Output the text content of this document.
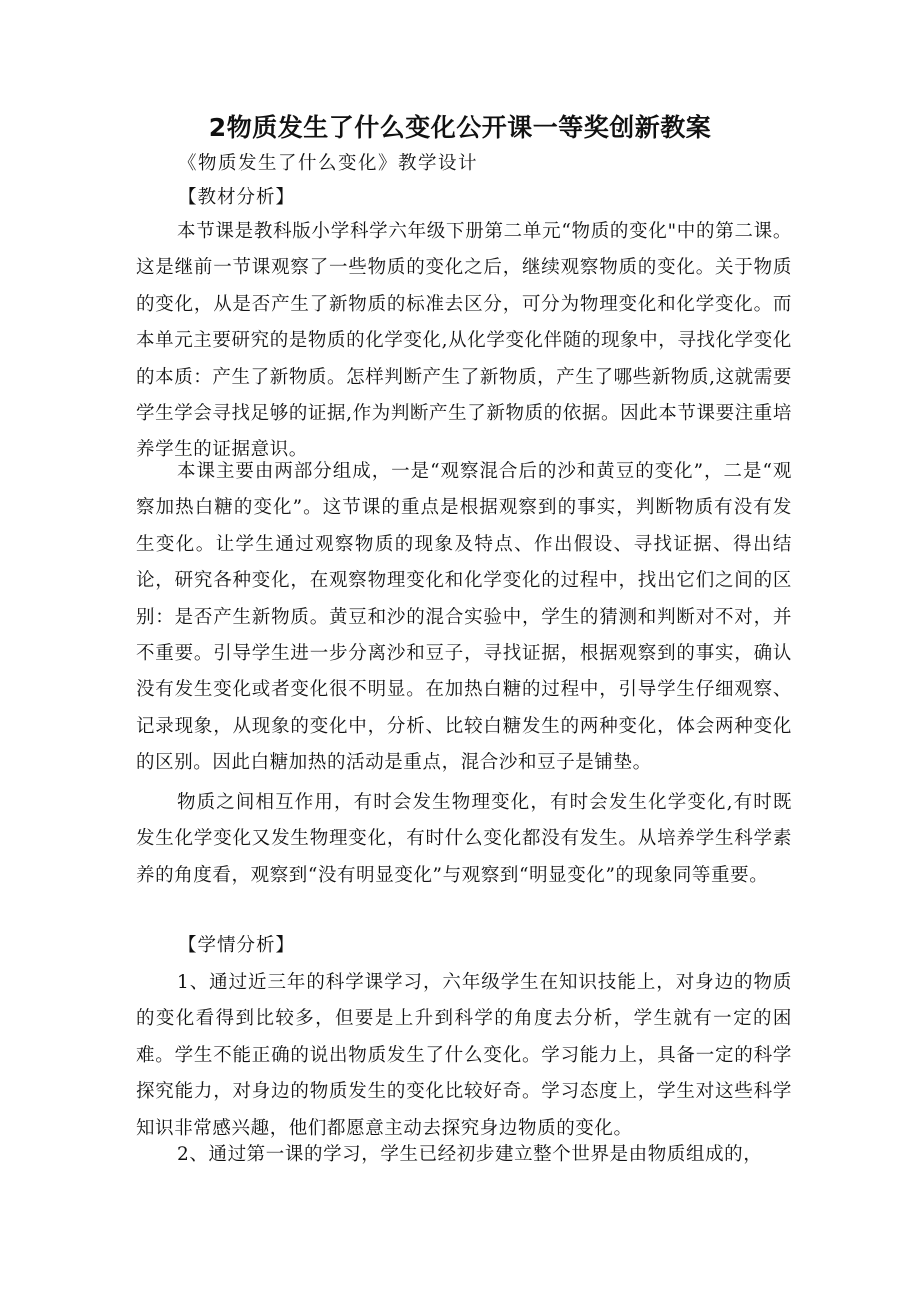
2物质发生了什么变化公开课一等奖创新教案
《物质发生了什么变化》教学设计
【教材分析】

本节课是教科版小学科学六年级下册第二单元“物质的变化"中的第二课。这是继前一节课观察了一些物质的变化之后，继续观察物质的变化。关于物质的变化，从是否产生了新物质的标准去区分，可分为物理变化和化学变化。而本单元主要研究的是物质的化学变化,从化学变化伴随的现象中，寻找化学变化的本质：产生了新物质。怎样判断产生了新物质，产生了哪些新物质,这就需要学生学会寻找足够的证据,作为判断产生了新物质的依据。因此本节课要注重培养学生的证据意识。

本课主要由两部分组成，一是“观察混合后的沙和黄豆的变化”，二是“观察加热白糖的变化”。这节课的重点是根据观察到的事实，判断物质有没有发生变化。让学生通过观察物质的现象及特点、作出假设、寻找证据、得出结论，研究各种变化，在观察物理变化和化学变化的过程中，找出它们之间的区别：是否产生新物质。黄豆和沙的混合实验中，学生的猜测和判断对不对，并不重要。引导学生进一步分离沙和豆子，寻找证据，根据观察到的事实，确认没有发生变化或者变化很不明显。在加热白糖的过程中，引导学生仔细观察、记录现象，从现象的变化中，分析、比较白糖发生的两种变化，体会两种变化的区别。因此白糖加热的活动是重点，混合沙和豆子是铺垫。

物质之间相互作用，有时会发生物理变化，有时会发生化学变化,有时既发生化学变化又发生物理变化，有时什么变化都没有发生。从培养学生科学素养的角度看，观察到“没有明显变化”与观察到“明显变化”的现象同等重要。

【学情分析】

1、通过近三年的科学课学习，六年级学生在知识技能上，对身边的物质的变化看得到比较多，但要是上升到科学的角度去分析，学生就有一定的困难。学生不能正确的说出物质发生了什么变化。学习能力上，具备一定的科学探究能力，对身边的物质发生的变化比较好奇。学习态度上，学生对这些科学知识非常感兴趣，他们都愿意主动去探究身边物质的变化。

2、通过第一课的学习，学生已经初步建立整个世界是由物质组成的，
